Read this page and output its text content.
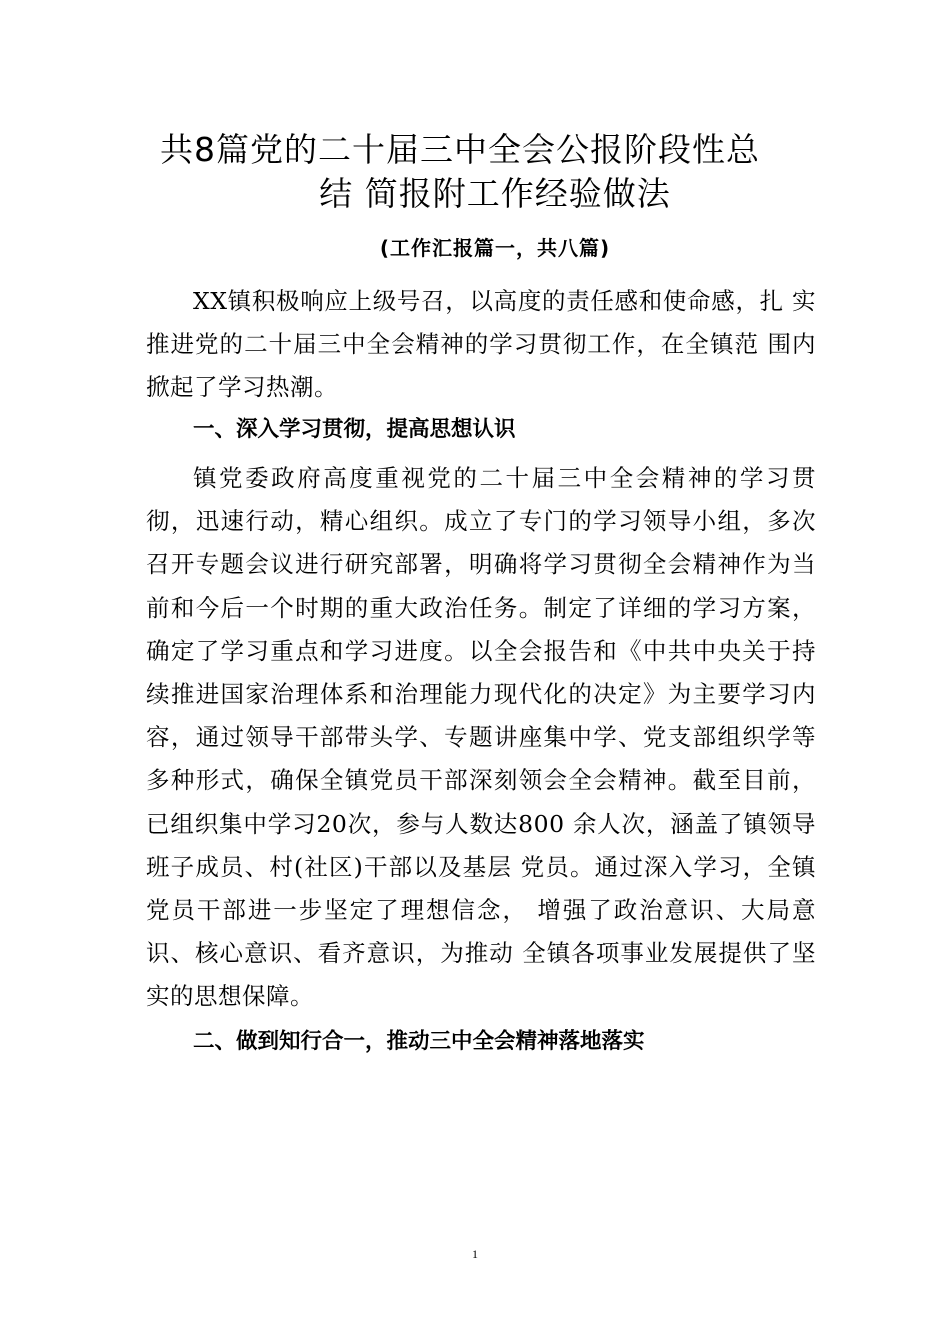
共8篇党的二十届三中全会公报阶段性总
结 简报附工作经验做法
(工作汇报篇一，共八篇)

XX镇积极响应上级号召，以高度的责任感和使命感，扎 实推进党的二十届三中全会精神的学习贯彻工作，在全镇范 围内掀起了学习热潮。

一、深入学习贯彻，提高思想认识

镇党委政府高度重视党的二十届三中全会精神的学习贯彻，迅速行动，精心组织。成立了专门的学习领导小组，多次召开专题会议进行研究部署，明确将学习贯彻全会精神作为当前和今后一个时期的重大政治任务。制定了详细的学习方案，确定了学习重点和学习进度。以全会报告和《中共中央关于持续推进国家治理体系和治理能力现代化的决定》为主要学习内容，通过领导干部带头学、专题讲座集中学、党支部组织学等多种形式，确保全镇党员干部深刻领会全会精神。截至目前，已组织集中学习20次，参与人数达800 余人次，涵盖了镇领导班子成员、村(社区)干部以及基层 党员。通过深入学习，全镇党员干部进一步坚定了理想信念， 增强了政治意识、大局意识、核心意识、看齐意识，为推动 全镇各项事业发展提供了坚实的思想保障。

二、做到知行合一，推动三中全会精神落地落实
1
